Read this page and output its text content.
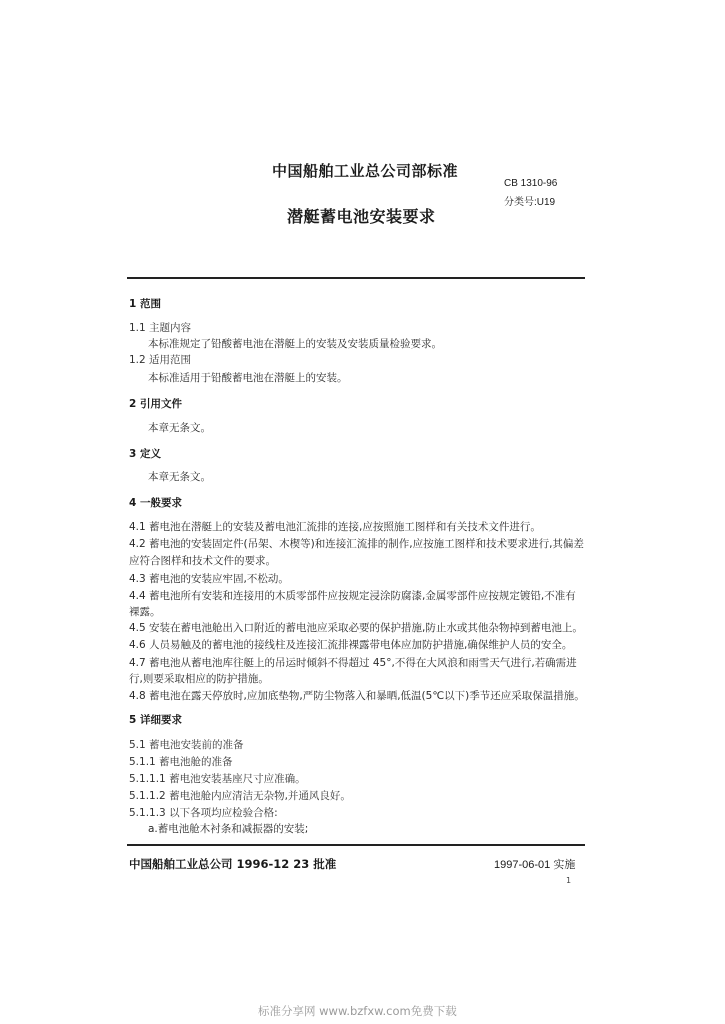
中国船舶工业总公司部标准
CB 1310-96
分类号:U19
潜艇蓄电池安装要求
1 范围
1.1 主题内容
本标准规定了铅酸蓄电池在潜艇上的安装及安装质量检验要求。
1.2 适用范围
本标准适用于铅酸蓄电池在潜艇上的安装。
2 引用文件
本章无条文。
3 定义
本章无条文。
4 一般要求
4.1 蓄电池在潜艇上的安装及蓄电池汇流排的连接,应按照施工图样和有关技术文件进行。
4.2 蓄电池的安装固定件(吊架、木楔等)和连接汇流排的制作,应按施工图样和技术要求进行,其偏差
应符合图样和技术文件的要求。
4.3 蓄电池的安装应牢固,不松动。
4.4 蓄电池所有安装和连接用的木质零部件应按规定浸涂防腐漆,金属零部件应按规定镀铅,不准有
裸露。
4.5 安装在蓄电池舱出入口附近的蓄电池应采取必要的保护措施,防止水或其他杂物掉到蓄电池上。
4.6 人员易触及的蓄电池的接线柱及连接汇流排裸露带电体应加防护措施,确保维护人员的安全。
4.7 蓄电池从蓄电池库往艇上的吊运时倾斜不得超过 45°,不得在大风浪和雨雪天气进行,若确需进
行,则要采取相应的防护措施。
4.8 蓄电池在露天停放时,应加底垫物,严防尘物落入和暴晒,低温(5℃以下)季节还应采取保温措施。
5 详细要求
5.1 蓄电池安装前的准备
5.1.1 蓄电池舱的准备
5.1.1.1 蓄电池安装基座尺寸应准确。
5.1.1.2 蓄电池舱内应清洁无杂物,并通风良好。
5.1.1.3 以下各项均应检验合格:
a.蓄电池舱木衬条和减振器的安装;
中国船舶工业总公司 1996-12 23 批准	1997-06-01 实施
1
标准分享网 www.bzfxw.com免费下载
